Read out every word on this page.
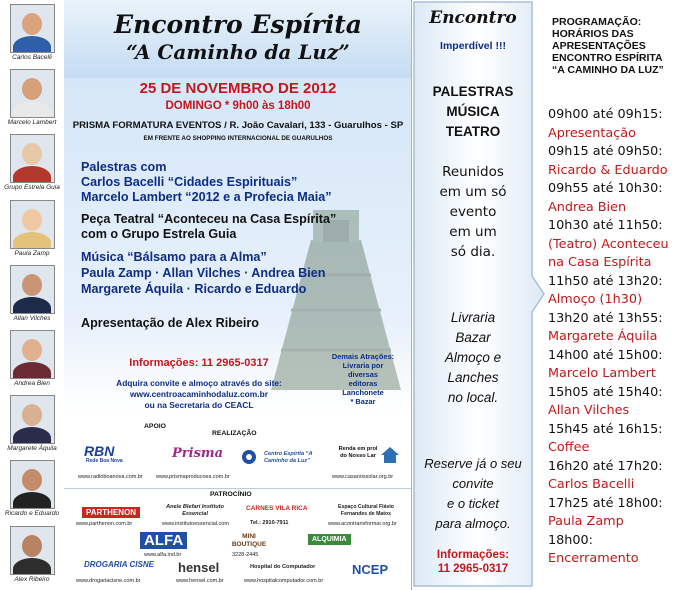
Carlos Bacelli
Marcelo Lambert
Grupo Estrela Guia
Paula Zamp
Allan Vilches
Andrea Bien
Margarete Áquila
Ricardo e Eduardo
Alex Ribeiro
Encontro Espírita
“A Caminho da Luz”
25 DE NOVEMBRO DE 2012
DOMINGO * 9h00 às 18h00
PRISMA FORMATURA EVENTOS / R. João Cavalari, 133 - Guarulhos - SP
EM FRENTE AO SHOPPING INTERNACIONAL DE GUARULHOS
Palestras com
Carlos Bacelli “Cidades Espirituais”
Marcelo Lambert “2012 e a Profecia Maia”
Peça Teatral “Aconteceu na Casa Espírita”
com o Grupo Estrela Guia
Música “Bálsamo para a Alma”
Paula Zamp · Allan Vilches · Andrea Bien
Margarete Áquila · Ricardo e Eduardo
Apresentação de Alex Ribeiro
Informações: 11 2965-0317
Adquira convite e almoço através do site:
www.centroacaminhodaluz.com.br
ou na Secretaria do CEACL
Demais Atrações:
Livraria por
diversas
editoras
Lanchonete
* Bazar
APOIO
REALIZAÇÃO
RBN
Rede Boa Nova
www.radioboanova.com.br
Prisma
www.prismaproducoes.com.br
Centro Espírita “A Caminho da Luz”
Renda em prol do Nosso Lar
www.casanossolar.org.br
PATROCÍNIO
PARTHENON
www.parthenon.com.br
Anele Blefari Instituto Essencial
www.institutoessencial.com
CARNES VILA RICA
Tel.: 2910-7911
Espaço Cultural Flávio Fernandes de Matos
www.acontransformar.org.br
ALFA
www.alfa.ind.br
MINI BOUTIQUE
3228-2445
ALQUIMIA
DROGARIA CISNE
www.drogariacisne.com.br
hensel
www.hensel.com.br
Hospital do Computador
www.hospitalcomputador.com.br
NCEP
Encontro
Imperdível !!!
PALESTRAS
MÚSICA
TEATRO
Reunidos
em um só
evento
em um
só dia.
Livraria
Bazar
Almoço e
Lanches
no local.
Reserve já o seu
convite
e o ticket
para almoço.
Informações:
11 2965-0317
PROGRAMAÇÃO:
HORÁRIOS DAS
APRESENTAÇÕES
ENCONTRO ESPÍRITA
“A CAMINHO DA LUZ”
09h00 até 09h15:
Apresentação
09h15 até 09h50:
Ricardo & Eduardo
09h55 até 10h30:
Andrea Bien
10h30 até 11h50:
(Teatro) Aconteceu
na Casa Espírita
11h50 até 13h20:
Almoço (1h30)
13h20 até 13h55:
Margarete Áquila
14h00 até 15h00:
Marcelo Lambert
15h05 até 15h40:
Allan Vilches
15h45 até 16h15:
Coffee
16h20 até 17h20:
Carlos Bacelli
17h25 até 18h00:
Paula Zamp
18h00:
Encerramento
